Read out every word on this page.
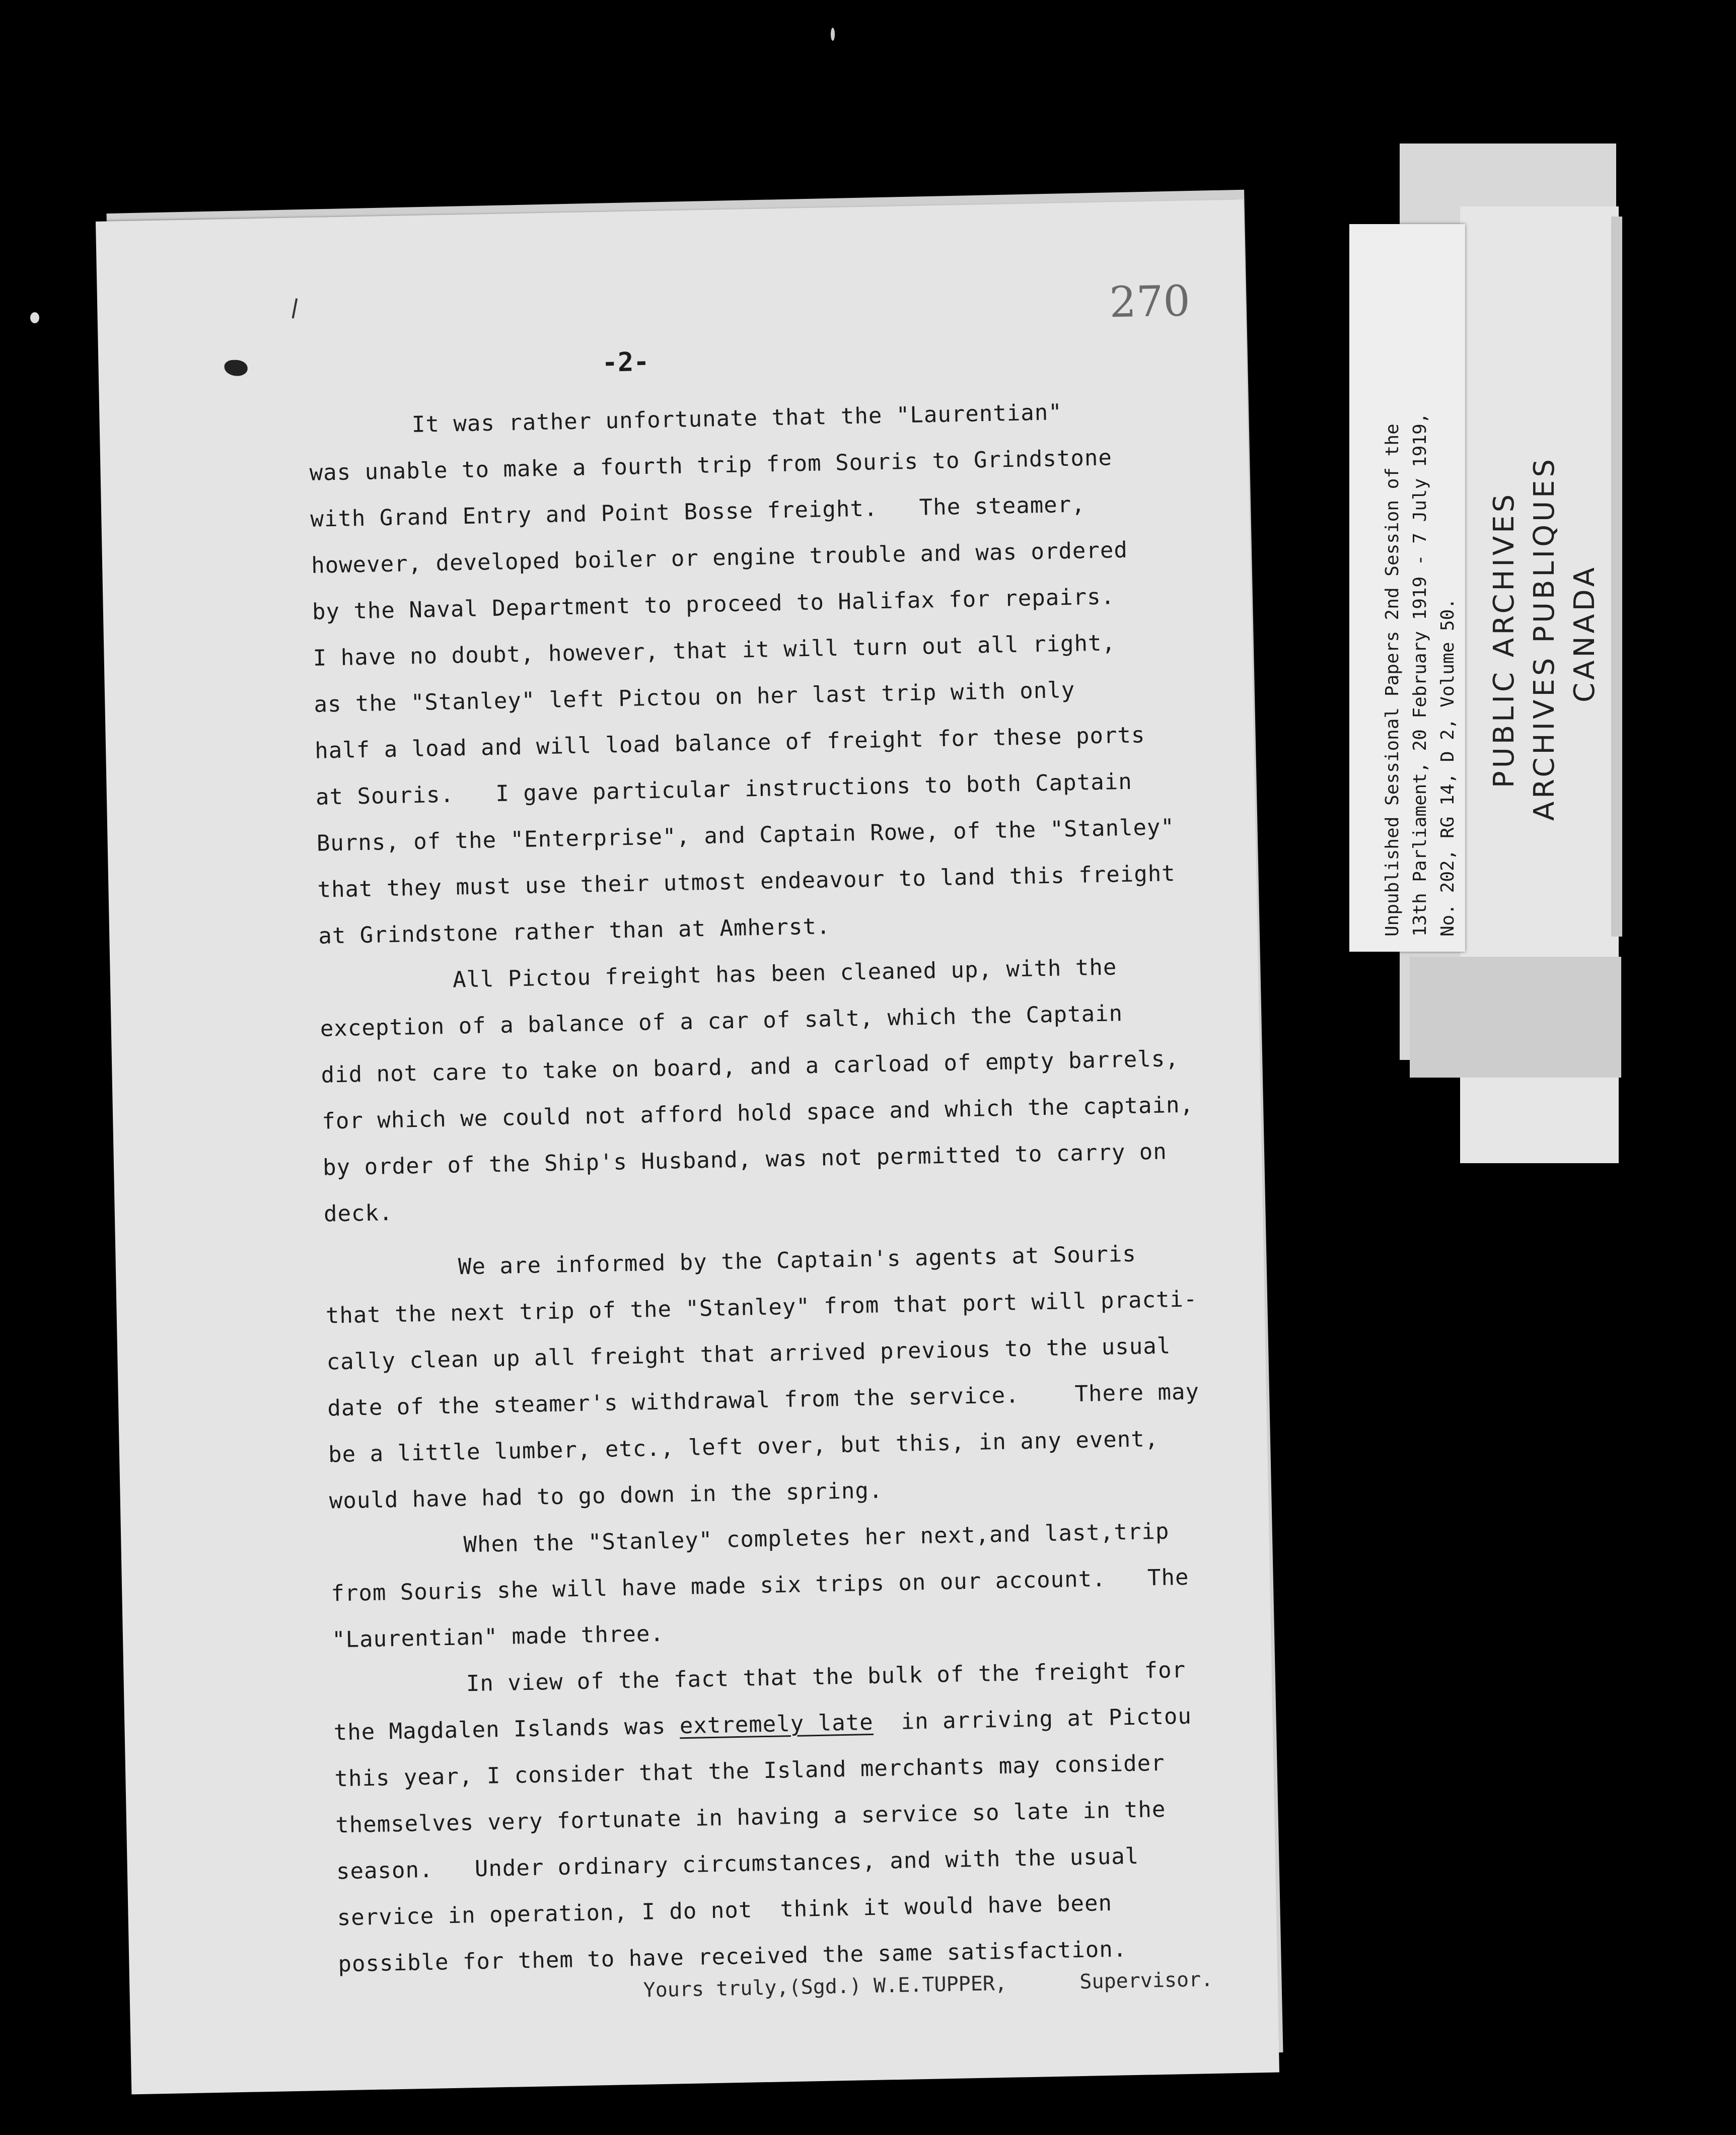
270
-2-
It was rather unfortunate that the "Laurentian"
was unable to make a fourth trip from Souris to Grindstone
with Grand Entry and Point Bosse freight.   The steamer,
however, developed boiler or engine trouble and was ordered
by the Naval Department to proceed to Halifax for repairs.
I have no doubt, however, that it will turn out all right,
as the "Stanley" left Pictou on her last trip with only
half a load and will load balance of freight for these ports
at Souris.   I gave particular instructions to both Captain
Burns, of the "Enterprise", and Captain Rowe, of the "Stanley"
that they must use their utmost endeavour to land this freight
at Grindstone rather than at Amherst.
All Pictou freight has been cleaned up, with the
exception of a balance of a car of salt, which the Captain
did not care to take on board, and a carload of empty barrels,
for which we could not afford hold space and which the captain,
by order of the Ship's Husband, was not permitted to carry on
deck.
We are informed by the Captain's agents at Souris
that the next trip of the "Stanley" from that port will practi-
cally clean up all freight that arrived previous to the usual
date of the steamer's withdrawal from the service.    There may
be a little lumber, etc., left over, but this, in any event,
would have had to go down in the spring.
When the "Stanley" completes her next,and last,trip
from Souris she will have made six trips on our account.   The
"Laurentian" made three.
In view of the fact that the bulk of the freight for
the Magdalen Islands was extremely late  in arriving at Pictou
this year, I consider that the Island merchants may consider
themselves very fortunate in having a service so late in the
season.   Under ordinary circumstances, and with the usual
service in operation, I do not  think it would have been
possible for them to have received the same satisfaction.
Yours truly,(Sgd.) W.E.TUPPER,      Supervisor.
Unpublished Sessional Papers 2nd Session of the 13th Parliament, 20 February 1919 - 7 July 1919, No. 202, RG 14, D 2, Volume 50. PUBLIC ARCHIVES ARCHIVES PUBLIQUES CANADA
